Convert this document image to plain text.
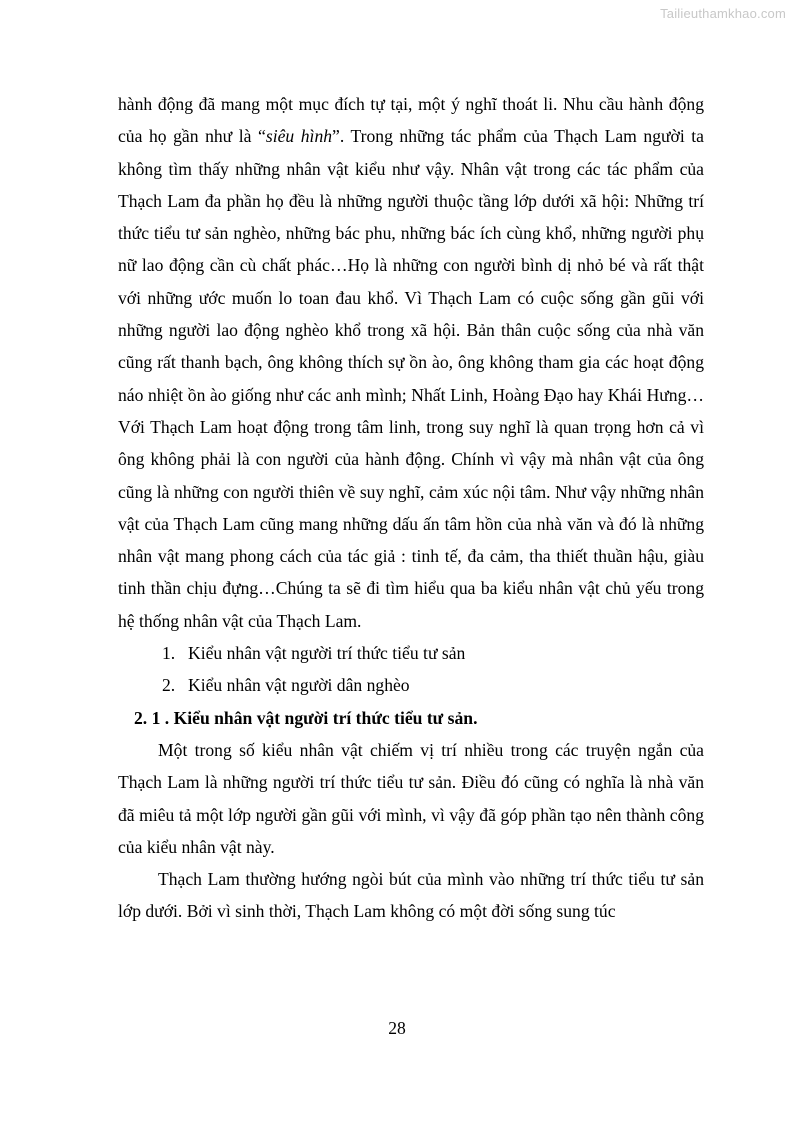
Tailieuthamkhao.com

hành động đã mang một mục đích tự tại, một ý nghĩ thoát li. Nhu cầu hành động của họ gần như là “siêu hình”. Trong những tác phẩm của Thạch Lam người ta không tìm thấy những nhân vật kiểu như vậy. Nhân vật trong các tác phẩm của Thạch Lam đa phần họ đều là những người thuộc tầng lớp dưới xã hội: Những trí thức tiểu tư sản nghèo, những bác phu, những bác ích cùng khổ, những người phụ nữ lao động cần cù chất phác…Họ là những con người bình dị nhỏ bé và rất thật với những ước muốn lo toan đau khổ. Vì Thạch Lam có cuộc sống gần gũi với những người lao động nghèo khổ trong xã hội. Bản thân cuộc sống của nhà văn cũng rất thanh bạch, ông không thích sự ồn ào, ông không tham gia các hoạt động náo nhiệt ồn ào giống như các anh mình; Nhất Linh, Hoàng Đạo hay Khái Hưng…Với Thạch Lam hoạt động trong tâm linh, trong suy nghĩ là quan trọng hơn cả vì ông không phải là con người của hành động. Chính vì vậy mà nhân vật của ông cũng là những con người thiên về suy nghĩ, cảm xúc nội tâm. Như vậy những nhân vật của Thạch Lam cũng mang những dấu ấn tâm hồn của nhà văn và đó là những nhân vật mang phong cách của tác giả : tinh tế, đa cảm, tha thiết thuần hậu, giàu tinh thần chịu đựng…Chúng ta sẽ đi tìm hiểu qua ba kiểu nhân vật chủ yếu trong hệ thống nhân vật của Thạch Lam.

1. Kiểu nhân vật người trí thức tiểu tư sản
2. Kiểu nhân vật người dân nghèo

2. 1 . Kiểu nhân vật người trí thức tiểu tư sản.

Một trong số kiểu nhân vật chiếm vị trí nhiều trong các truyện ngắn của Thạch Lam là những người trí thức tiểu tư sản. Điều đó cũng có nghĩa là nhà văn đã miêu tả một lớp người gần gũi với mình, vì vậy đã góp phần tạo nên thành công của kiểu nhân vật này.

Thạch Lam thường hướng ngòi bút của mình vào những trí thức tiểu tư sản lớp dưới. Bởi vì sinh thời, Thạch Lam không có một đời sống sung túc

28
